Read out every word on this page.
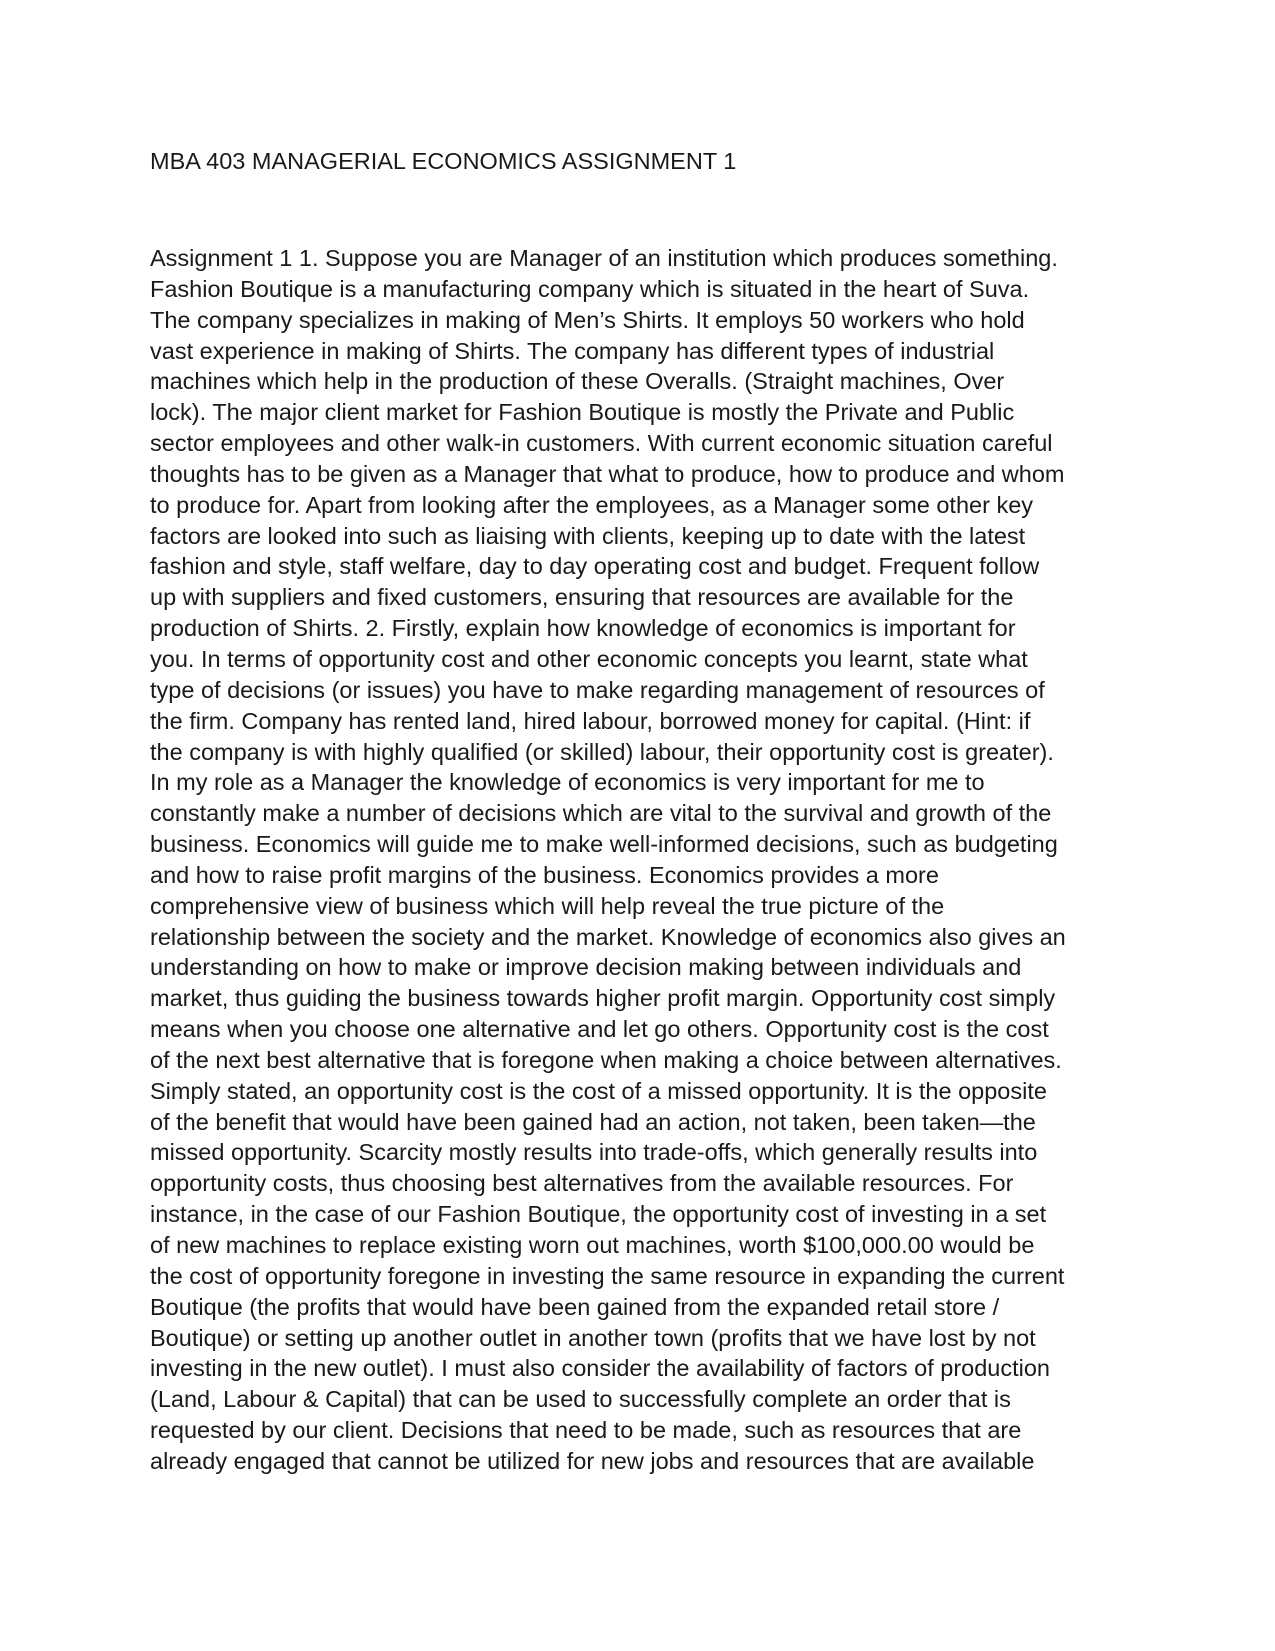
MBA 403 MANAGERIAL ECONOMICS ASSIGNMENT 1
Assignment 1 1. Suppose you are Manager of an institution which produces something.
Fashion Boutique is a manufacturing company which is situated in the heart of Suva.
The company specializes in making of Men’s Shirts. It employs 50 workers who hold
vast experience in making of Shirts. The company has different types of industrial
machines which help in the production of these Overalls. (Straight machines, Over
lock). The major client market for Fashion Boutique is mostly the Private and Public
sector employees and other walk-in customers. With current economic situation careful
thoughts has to be given as a Manager that what to produce, how to produce and whom
to produce for. Apart from looking after the employees, as a Manager some other key
factors are looked into such as liaising with clients, keeping up to date with the latest
fashion and style, staff welfare, day to day operating cost and budget. Frequent follow
up with suppliers and fixed customers, ensuring that resources are available for the
production of Shirts. 2. Firstly, explain how knowledge of economics is important for
you. In terms of opportunity cost and other economic concepts you learnt, state what
type of decisions (or issues) you have to make regarding management of resources of
the firm. Company has rented land, hired labour, borrowed money for capital. (Hint: if
the company is with highly qualified (or skilled) labour, their opportunity cost is greater).
In my role as a Manager the knowledge of economics is very important for me to
constantly make a number of decisions which are vital to the survival and growth of the
business. Economics will guide me to make well-informed decisions, such as budgeting
and how to raise profit margins of the business. Economics provides a more
comprehensive view of business which will help reveal the true picture of the
relationship between the society and the market. Knowledge of economics also gives an
understanding on how to make or improve decision making between individuals and
market, thus guiding the business towards higher profit margin. Opportunity cost simply
means when you choose one alternative and let go others. Opportunity cost is the cost
of the next best alternative that is foregone when making a choice between alternatives.
Simply stated, an opportunity cost is the cost of a missed opportunity. It is the opposite
of the benefit that would have been gained had an action, not taken, been taken—the
missed opportunity. Scarcity mostly results into trade-offs, which generally results into
opportunity costs, thus choosing best alternatives from the available resources. For
instance, in the case of our Fashion Boutique, the opportunity cost of investing in a set
of new machines to replace existing worn out machines, worth $100,000.00 would be
the cost of opportunity foregone in investing the same resource in expanding the current
Boutique (the profits that would have been gained from the expanded retail store /
Boutique) or setting up another outlet in another town (profits that we have lost by not
investing in the new outlet). I must also consider the availability of factors of production
(Land, Labour & Capital) that can be used to successfully complete an order that is
requested by our client. Decisions that need to be made, such as resources that are
already engaged that cannot be utilized for new jobs and resources that are available
